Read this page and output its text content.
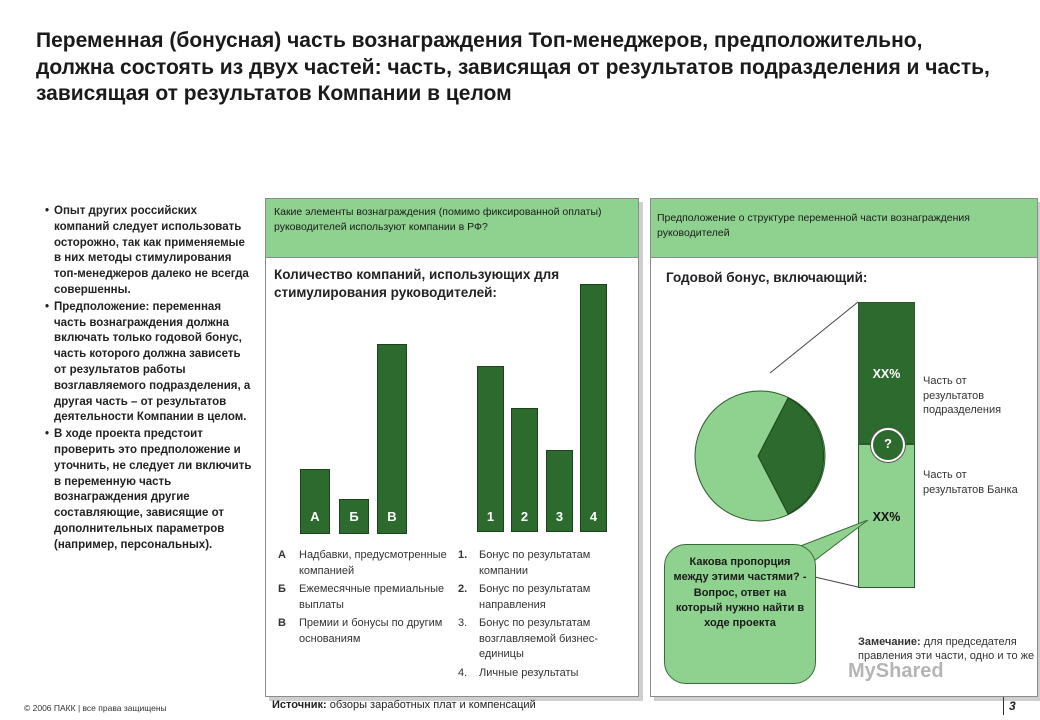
Переменная (бонусная) часть вознаграждения Топ-менеджеров, предположительно, должна состоять из двух частей: часть, зависящая от результатов подразделения и часть, зависящая от результатов Компании в целом
• Опыт других российских компаний следует использовать осторожно, так как применяемые в них методы стимулирования топ-менеджеров далеко не всегда совершенны.
• Предположение: переменная часть вознаграждения должна включать только годовой бонус, часть которого должна зависеть от результатов работы возглавляемого подразделения, а другая часть – от результатов деятельности Компании в целом.
• В ходе проекта предстоит проверить это предположение и уточнить, не следует ли включить в переменную часть вознаграждения другие составляющие, зависящие от дополнительных параметров (например, персональных).
Какие элементы вознаграждения (помимо фиксированной оплаты) руководителей используют компании в РФ?
Количество компаний, использующих для стимулирования руководителей:
А	Б	В	1	2	3	4
А	Надбавки, предусмотренные компанией
Б	Ежемесячные премиальные выплаты
В	Премии и бонусы по другим основаниям
1.	Бонус по результатам компании
2.	Бонус по результатам направления
3.	Бонус по результатам возглавляемой бизнес-единицы
4.	Личные результаты
Предположение о структуре переменной части вознаграждения руководителей
Годовой бонус, включающий:
XX%
XX%
?
Часть от результатов подразделения
Часть от результатов Банка
Какова пропорция между этими частями? - Вопрос, ответ на который нужно найти в ходе проекта
Замечание: для председателя правления эти части, одно и то же
MyShared
Источник: обзоры заработных плат и компенсаций
© 2006 ПАКК | все права защищены	3
